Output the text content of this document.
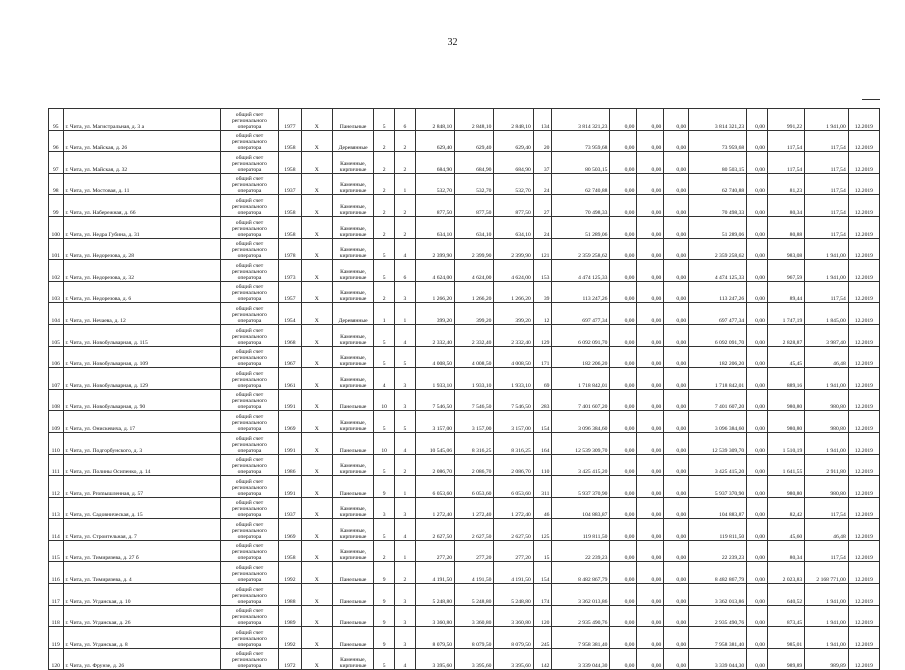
32
95	г. Чита, ул. Магистральная, д. 3 а	общий счет регионального оператора	1977	Х	Панельные	5	6	2 848,10	2 848,10	2 848,10	134	3 814 321,23	0,00	0,00	0,00	3 814 321,23	0,00	991,22	1 941,00	12.2019
96	г. Чита, ул. Майская, д. 26	общий счет регионального оператора	1958	Х	Деревянные	2	2	629,40	629,40	629,40	20	73 959,68	0,00	0,00	0,00	73 959,68	0,00	117,54	117,54	12.2019
97	г. Чита, ул. Майская, д. 32	общий счет регионального оператора	1958	Х	Каменные, кирпичные	2	2	684,90	684,90	684,90	37	80 503,15	0,00	0,00	0,00	80 503,15	0,00	117,54	117,54	12.2019
98	г. Чита, ул. Мостовая, д. 11	общий счет регионального оператора	1937	Х	Каменные, кирпичные	2	1	532,70	532,70	532,70	24	62 740,88	0,00	0,00	0,00	62 740,88	0,00	81,23	117,54	12.2019
99	г. Чита, ул. Набережная, д. 66	общий счет регионального оператора	1958	Х	Каменные, кирпичные	2	2	877,50	877,50	877,50	27	70 498,33	0,00	0,00	0,00	70 498,33	0,00	80,34	117,54	12.2019
100	г. Чита, ул. Недра Губина, д. 31	общий счет регионального оператора	1958	Х	Каменные, кирпичные	2	2	634,10	634,10	634,10	24	51 289,06	0,00	0,00	0,00	51 289,06	0,00	80,88	117,54	12.2019
101	г. Чита, ул. Недорезова, д. 28	общий счет регионального оператора	1978	Х	Каменные, кирпичные	5	4	2 399,90	2 399,90	2 399,90	121	2 359 258,62	0,00	0,00	0,00	2 359 258,62	0,00	983,08	1 941,00	12.2019
102	г. Чита, ул. Недорезова, д. 32	общий счет регионального оператора	1973	Х	Каменные, кирпичные	5	6	4 624,00	4 624,00	4 624,00	153	4 474 125,33	0,00	0,00	0,00	4 474 125,33	0,00	967,59	1 941,00	12.2019
103	г. Чита, ул. Недорезова, д. 6	общий счет регионального оператора	1957	Х	Каменные, кирпичные	2	3	1 266,20	1 266,20	1 266,20	39	113 247,26	0,00	0,00	0,00	113 247,26	0,00	89,44	117,54	12.2019
104	г. Чита, ул. Нечаева, д. 12	общий счет регионального оператора	1954	Х	Деревянные	1	1	399,20	399,20	399,20	12	697 477,34	0,00	0,00	0,00	697 477,34	0,00	1 747,19	1 845,00	12.2019
105	г. Чита, ул. Новобульварная, д. 115	общий счет регионального оператора	1968	Х	Каменные, кирпичные	5	4	2 332,40	2 332,40	2 332,40	129	6 092 091,70	0,00	0,00	0,00	6 092 091,70	0,00	2 828,87	3 987,40	12.2019
106	г. Чита, ул. Новобульварная, д. 109	общий счет регионального оператора	1967	Х	Каменные, кирпичные	5	5	4 008,50	4 008,50	4 008,50	171	182 206,20	0,00	0,00	0,00	182 206,20	0,00	45,45	46,48	12.2019
107	г. Чита, ул. Новобульварная, д. 129	общий счет регионального оператора	1961	Х	Каменные, кирпичные	4	3	1 933,10	1 933,10	1 933,10	69	1 718 842,01	0,00	0,00	0,00	1 718 842,01	0,00	889,16	1 941,00	12.2019
108	г. Чита, ул. Новобульварная, д. 90	общий счет регионального оператора	1991	Х	Панельные	10	3	7 546,50	7 546,50	7 546,50	283	7 401 607,20	0,00	0,00	0,00	7 401 607,20	0,00	980,80	980,80	12.2019
109	г. Чита, ул. Онискевича, д. 17	общий счет регионального оператора	1969	Х	Каменные, кирпичные	5	5	3 157,00	3 157,00	3 157,00	154	3 096 384,60	0,00	0,00	0,00	3 096 384,60	0,00	980,80	980,80	12.2019
110	г. Чита, ул. Подгорбунского, д. 3	общий счет регионального оператора	1991	Х	Панельные	10	4	10 545,06	8 316,25	8 316,25	164	12 539 309,70	0,00	0,00	0,00	12 539 309,70	0,00	1 510,19	1 941,00	12.2019
111	г. Чита, ул. Полины Осипенко, д. 14	общий счет регионального оператора	1986	Х	Каменные, кирпичные	5	2	2 086,70	2 086,70	2 086,70	110	3 425 415,20	0,00	0,00	0,00	3 425 415,20	0,00	1 641,55	2 911,80	12.2019
112	г. Чита, ул. Promышленная, д. 57	общий счет регионального оператора	1991	Х	Панельные	9	1	6 053,60	6 053,60	6 053,60	311	5 937 370,90	0,00	0,00	0,00	5 937 370,90	0,00	980,80	980,80	12.2019
113	г. Чита, ул. Садовническая, д. 15	общий счет регионального оператора	1937	Х	Каменные, кирпичные	3	3	1 272,40	1 272,40	1 272,40	46	104 883,87	0,00	0,00	0,00	104 883,87	0,00	82,42	117,54	12.2019
114	г. Чита, ул. Строительная, д. 7	общий счет регионального оператора	1969	Х	Каменные, кирпичные	5	4	2 627,50	2 627,50	2 627,50	125	119 811,50	0,00	0,00	0,00	119 811,50	0,00	45,60	46,48	12.2019
115	г. Чита, ул. Тимирязева, д. 27 б	общий счет регионального оператора	1958	Х	Каменные, кирпичные	2	1	277,20	277,20	277,20	15	22 239,23	0,00	0,00	0,00	22 239,23	0,00	80,34	117,54	12.2019
116	г. Чита, ул. Тимирязева, д. 4	общий счет регионального оператора	1992	Х	Панельные	9	2	4 191,50	4 191,50	4 191,50	154	8 482 867,79	0,00	0,00	0,00	8 482 867,79	0,00	2 023,83	2 168 771,00	12.2019
117	г. Чита, ул. Угданская, д. 10	общий счет регионального оператора	1988	Х	Панельные	9	3	5 248,80	5 248,80	5 248,80	174	3 362 013,86	0,00	0,00	0,00	3 362 013,86	0,00	640,52	1 941,00	12.2019
118	г. Чита, ул. Угданская, д. 26	общий счет регионального оператора	1989	Х	Панельные	9	3	3 360,80	3 360,80	3 360,80	120	2 935 490,76	0,00	0,00	0,00	2 935 490,76	0,00	873,45	1 941,00	12.2019
119	г. Чита, ул. Угданская, д. 8	общий счет регионального оператора	1992	Х	Панельные	9	3	8 079,50	8 079,50	8 079,50	245	7 958 381,40	0,00	0,00	0,00	7 958 381,40	0,00	985,01	1 941,00	12.2019
120	г. Чита, ул. Фрунзе, д. 26	общий счет регионального оператора	1972	Х	Каменные, кирпичные	5	4	3 395,60	3 395,60	3 395,60	142	3 339 044,30	0,00	0,00	0,00	3 339 044,30	0,00	989,89	989,89	12.2019
